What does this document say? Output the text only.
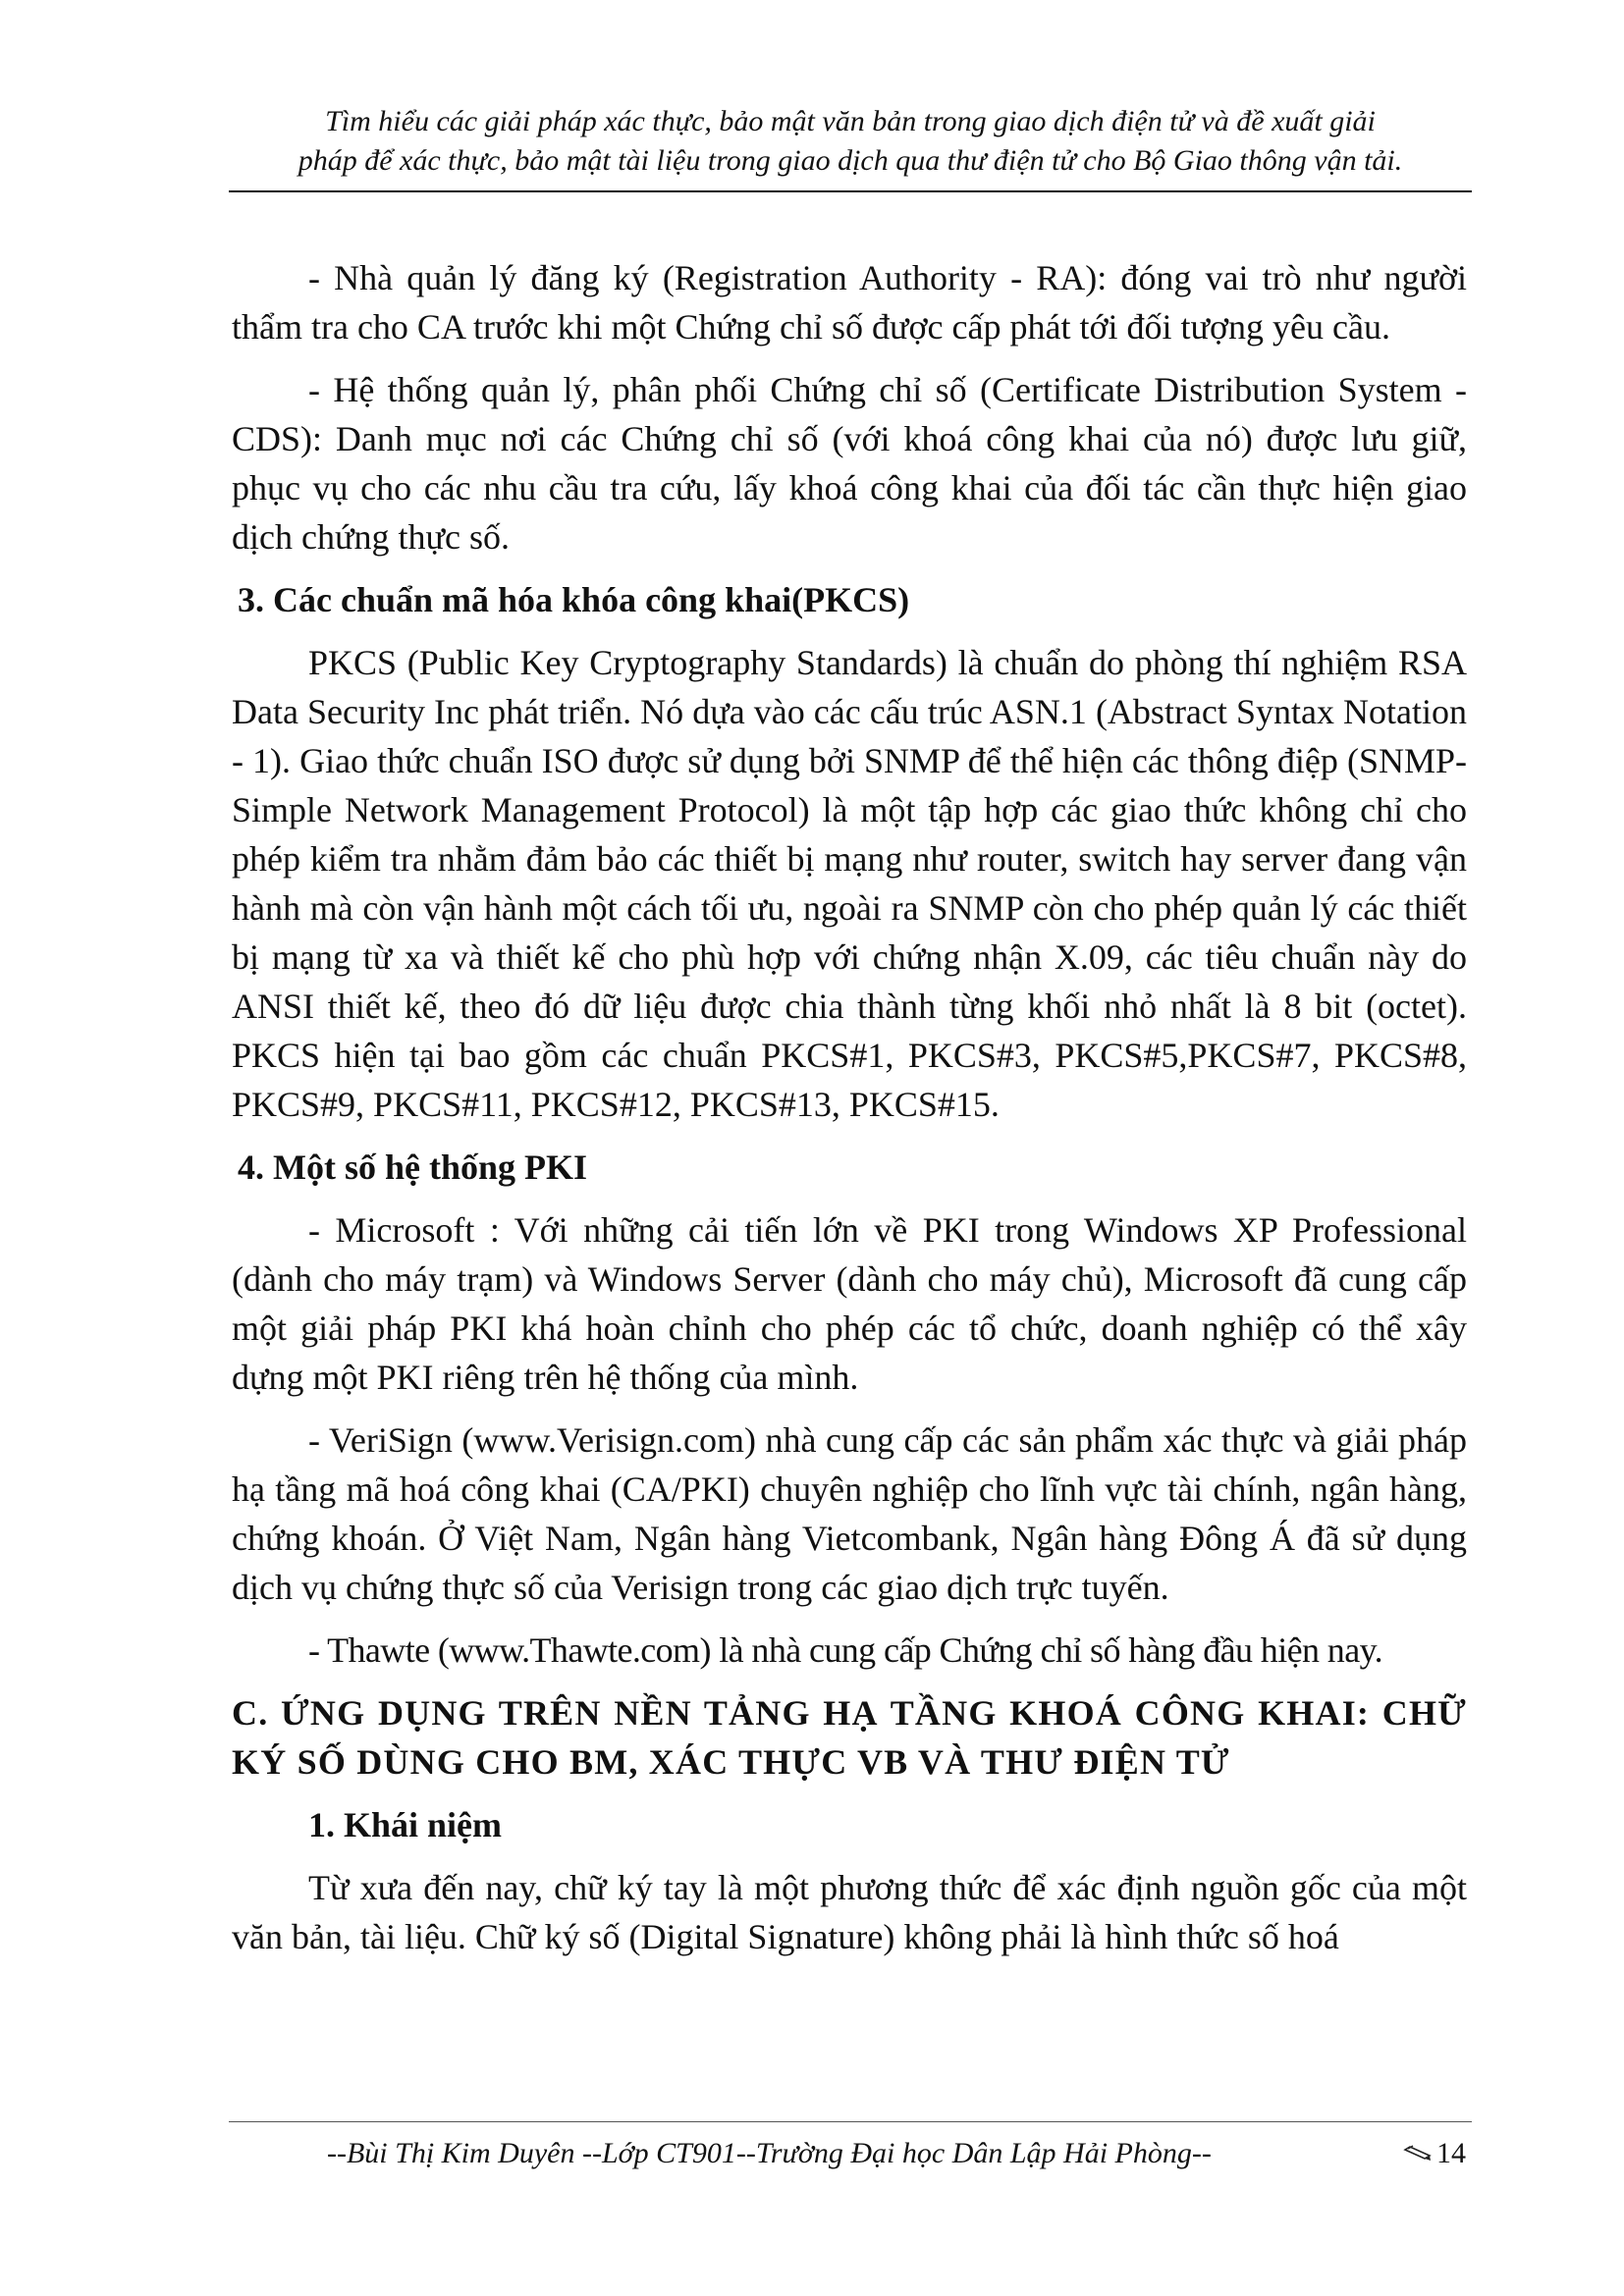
Tìm hiểu các giải pháp xác thực, bảo mật văn bản trong giao dịch điện tử và đề xuất giải
pháp để xác thực, bảo mật tài liệu trong giao dịch qua thư điện tử cho Bộ Giao thông vận tải.

- Nhà quản lý đăng ký (Registration Authority - RA): đóng vai trò như người thẩm tra cho CA trước khi một Chứng chỉ số được cấp phát tới đối tượng yêu cầu.

- Hệ thống quản lý, phân phối Chứng chỉ số (Certificate Distribution System - CDS): Danh mục nơi các Chứng chỉ số (với khoá công khai của nó) được lưu giữ, phục vụ cho các nhu cầu tra cứu, lấy khoá công khai của đối tác cần thực hiện giao dịch chứng thực số.

3. Các chuẩn mã hóa khóa công khai(PKCS)

PKCS (Public Key Cryptography Standards) là chuẩn do phòng thí nghiệm RSA Data Security Inc phát triển. Nó dựa vào các cấu trúc ASN.1 (Abstract Syntax Notation - 1). Giao thức chuẩn ISO được sử dụng bởi SNMP để thể hiện các thông điệp (SNMP- Simple Network Management Protocol) là một tập hợp các giao thức không chỉ cho phép kiểm tra nhằm đảm bảo các thiết bị mạng như router, switch hay server đang vận hành mà còn vận hành một cách tối ưu, ngoài ra SNMP còn cho phép quản lý các thiết bị mạng từ xa và thiết kế cho phù hợp với chứng nhận X.09, các tiêu chuẩn này do ANSI thiết kế, theo đó dữ liệu được chia thành từng khối nhỏ nhất là 8 bit (octet). PKCS hiện tại bao gồm các chuẩn PKCS#1, PKCS#3, PKCS#5,PKCS#7, PKCS#8, PKCS#9, PKCS#11, PKCS#12, PKCS#13, PKCS#15.

4. Một số hệ thống PKI

- Microsoft : Với những cải tiến lớn về PKI trong Windows XP Professional (dành cho máy trạm) và Windows Server (dành cho máy chủ), Microsoft đã cung cấp một giải pháp PKI khá hoàn chỉnh cho phép các tổ chức, doanh nghiệp có thể xây dựng một PKI riêng trên hệ thống của mình.

- VeriSign (www.Verisign.com) nhà cung cấp các sản phẩm xác thực và giải pháp hạ tầng mã hoá công khai (CA/PKI) chuyên nghiệp cho lĩnh vực tài chính, ngân hàng, chứng khoán. Ở Việt Nam, Ngân hàng Vietcombank, Ngân hàng Đông Á đã sử dụng dịch vụ chứng thực số của Verisign trong các giao dịch trực tuyến.

- Thawte (www.Thawte.com) là nhà cung cấp Chứng chỉ số hàng đầu hiện nay.

C. ỨNG DỤNG TRÊN NỀN TẢNG HẠ TẦNG KHOÁ CÔNG KHAI: CHỮ KÝ SỐ DÙNG CHO BM, XÁC THỰC VB VÀ THƯ ĐIỆN TỬ
1. Khái niệm

Từ xưa đến nay, chữ ký tay là một phương thức để xác định nguồn gốc của một văn bản, tài liệu. Chữ ký số (Digital Signature) không phải là hình thức số hoá

--Bùi Thị Kim Duyên --Lớp CT901--Trường Đại học Dân Lập Hải Phòng--	14
